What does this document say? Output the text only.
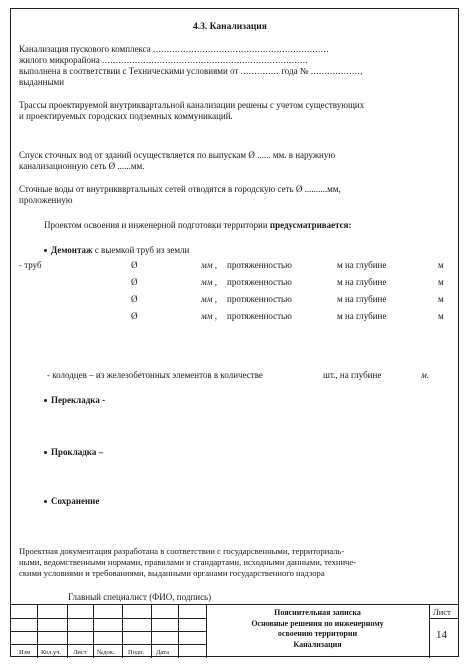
4.3. Канализация
Канализация пускового комплекса ................................................................
жилого микрорайона ...........................................................................
выполнена в соответствии с Техническими условиями от .............. года № ..................,
выданными
Трассы проектируемой внутриквартальной канализации решены с учетом существующих
и проектируемых городских подземных коммуникаций.
Спуск сточных вод от зданий осуществляется по выпускам Ø ...... мм. в наружную
канализационную сеть Ø ......мм.
Сточные воды от внутрикввртальных сетей отводятся в городскую сеть Ø ..........мм,
проложенную
Проектом освоения и инженерной подготовки территории предусматривается:
Демонтаж с выемкой труб из земли
- труб	Ø	мм , протяженностью	м на глубине	м
Ø	мм , протяженностью	м на глубине	м
Ø	мм , протяженностью	м на глубине	м
Ø	мм , протяженностью	м на глубине	м
- колодцев – из железобетонных элементов в количестве	шт., на глубине	м.
Перекладка -
Прокладка –
Сохранение
Проектная документация разработана в соответствии с государсвенными, территориаль-
ными, ведомственными нормами, правилами и стандартами, исходными данными, техниче-
скими условиями и требованиями, выданными органами государственного надзора
Главный специалист (ФИО, подпись)
Изм Кол.уч. Лист №док. Подп. Дата
Пояснительная записка
Основные решения по инженерному
освоению территории
Канализация
Лист
14
